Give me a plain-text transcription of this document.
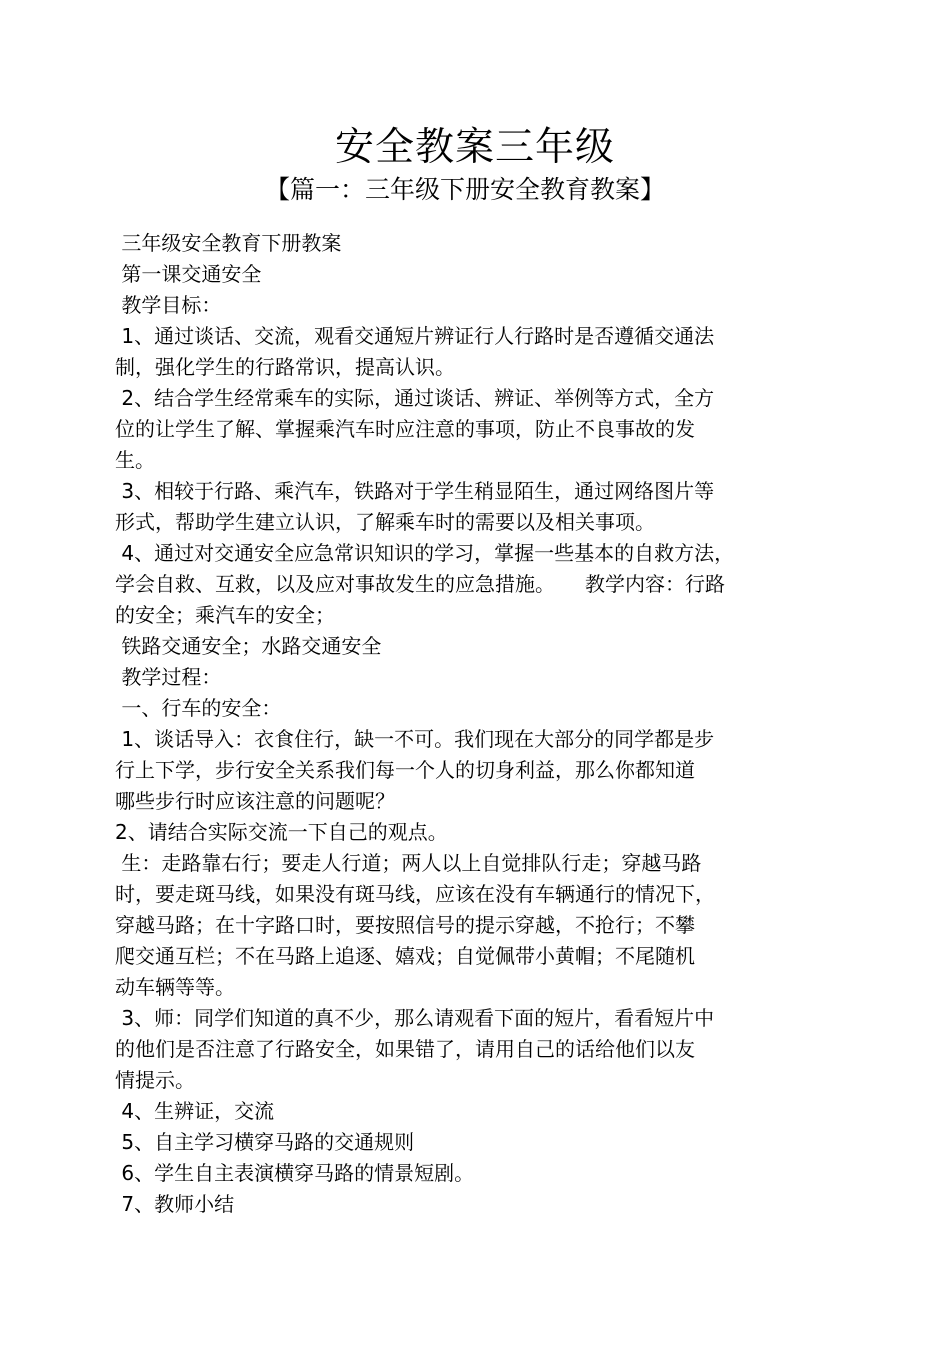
安全教案三年级
【篇一：三年级下册安全教育教案】
三年级安全教育下册教案
第一课交通安全
教学目标：
1、通过谈话、交流，观看交通短片辨证行人行路时是否遵循交通法
制，强化学生的行路常识，提高认识。
2、结合学生经常乘车的实际，通过谈话、辨证、举例等方式，全方
位的让学生了解、掌握乘汽车时应注意的事项，防止不良事故的发
生。
3、相较于行路、乘汽车，铁路对于学生稍显陌生，通过网络图片等
形式，帮助学生建立认识，了解乘车时的需要以及相关事项。
4、通过对交通安全应急常识知识的学习，掌握一些基本的自救方法，
学会自救、互救，以及应对事故发生的应急措施。　　教学内容：行路
的安全；乘汽车的安全；
铁路交通安全；水路交通安全
教学过程：
一、行车的安全：
1、谈话导入：衣食住行，缺一不可。我们现在大部分的同学都是步
行上下学，步行安全关系我们每一个人的切身利益，那么你都知道
哪些步行时应该注意的问题呢？
2、请结合实际交流一下自己的观点。
生：走路靠右行；要走人行道；两人以上自觉排队行走；穿越马路
时，要走斑马线，如果没有斑马线，应该在没有车辆通行的情况下，
穿越马路；在十字路口时，要按照信号的提示穿越，不抢行；不攀
爬交通互栏；不在马路上追逐、嬉戏；自觉佩带小黄帽；不尾随机
动车辆等等。
3、师：同学们知道的真不少，那么请观看下面的短片，看看短片中
的他们是否注意了行路安全，如果错了，请用自己的话给他们以友
情提示。
4、生辨证，交流
5、自主学习横穿马路的交通规则
6、学生自主表演横穿马路的情景短剧。
7、教师小结
